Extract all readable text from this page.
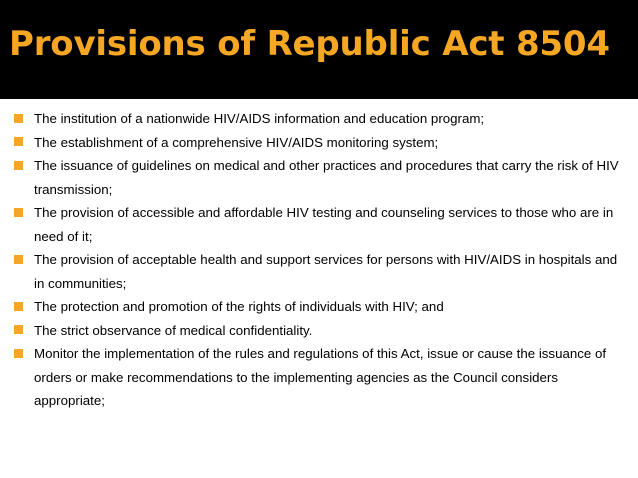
Provisions of Republic Act 8504
The institution of a nationwide HIV/AIDS information and education program;
The establishment of a comprehensive HIV/AIDS monitoring system;
The issuance of guidelines on medical and other practices and procedures that carry the risk of HIV transmission;
The provision of accessible and affordable HIV testing and counseling services to those who are in need of it;
The provision of acceptable health and support services for persons with HIV/AIDS in hospitals and in communities;
The protection and promotion of the rights of individuals with HIV; and
The strict observance of medical confidentiality.
Monitor the implementation of the rules and regulations of this Act, issue or cause the issuance of orders or make recommendations to the implementing agencies as the Council considers appropriate;
